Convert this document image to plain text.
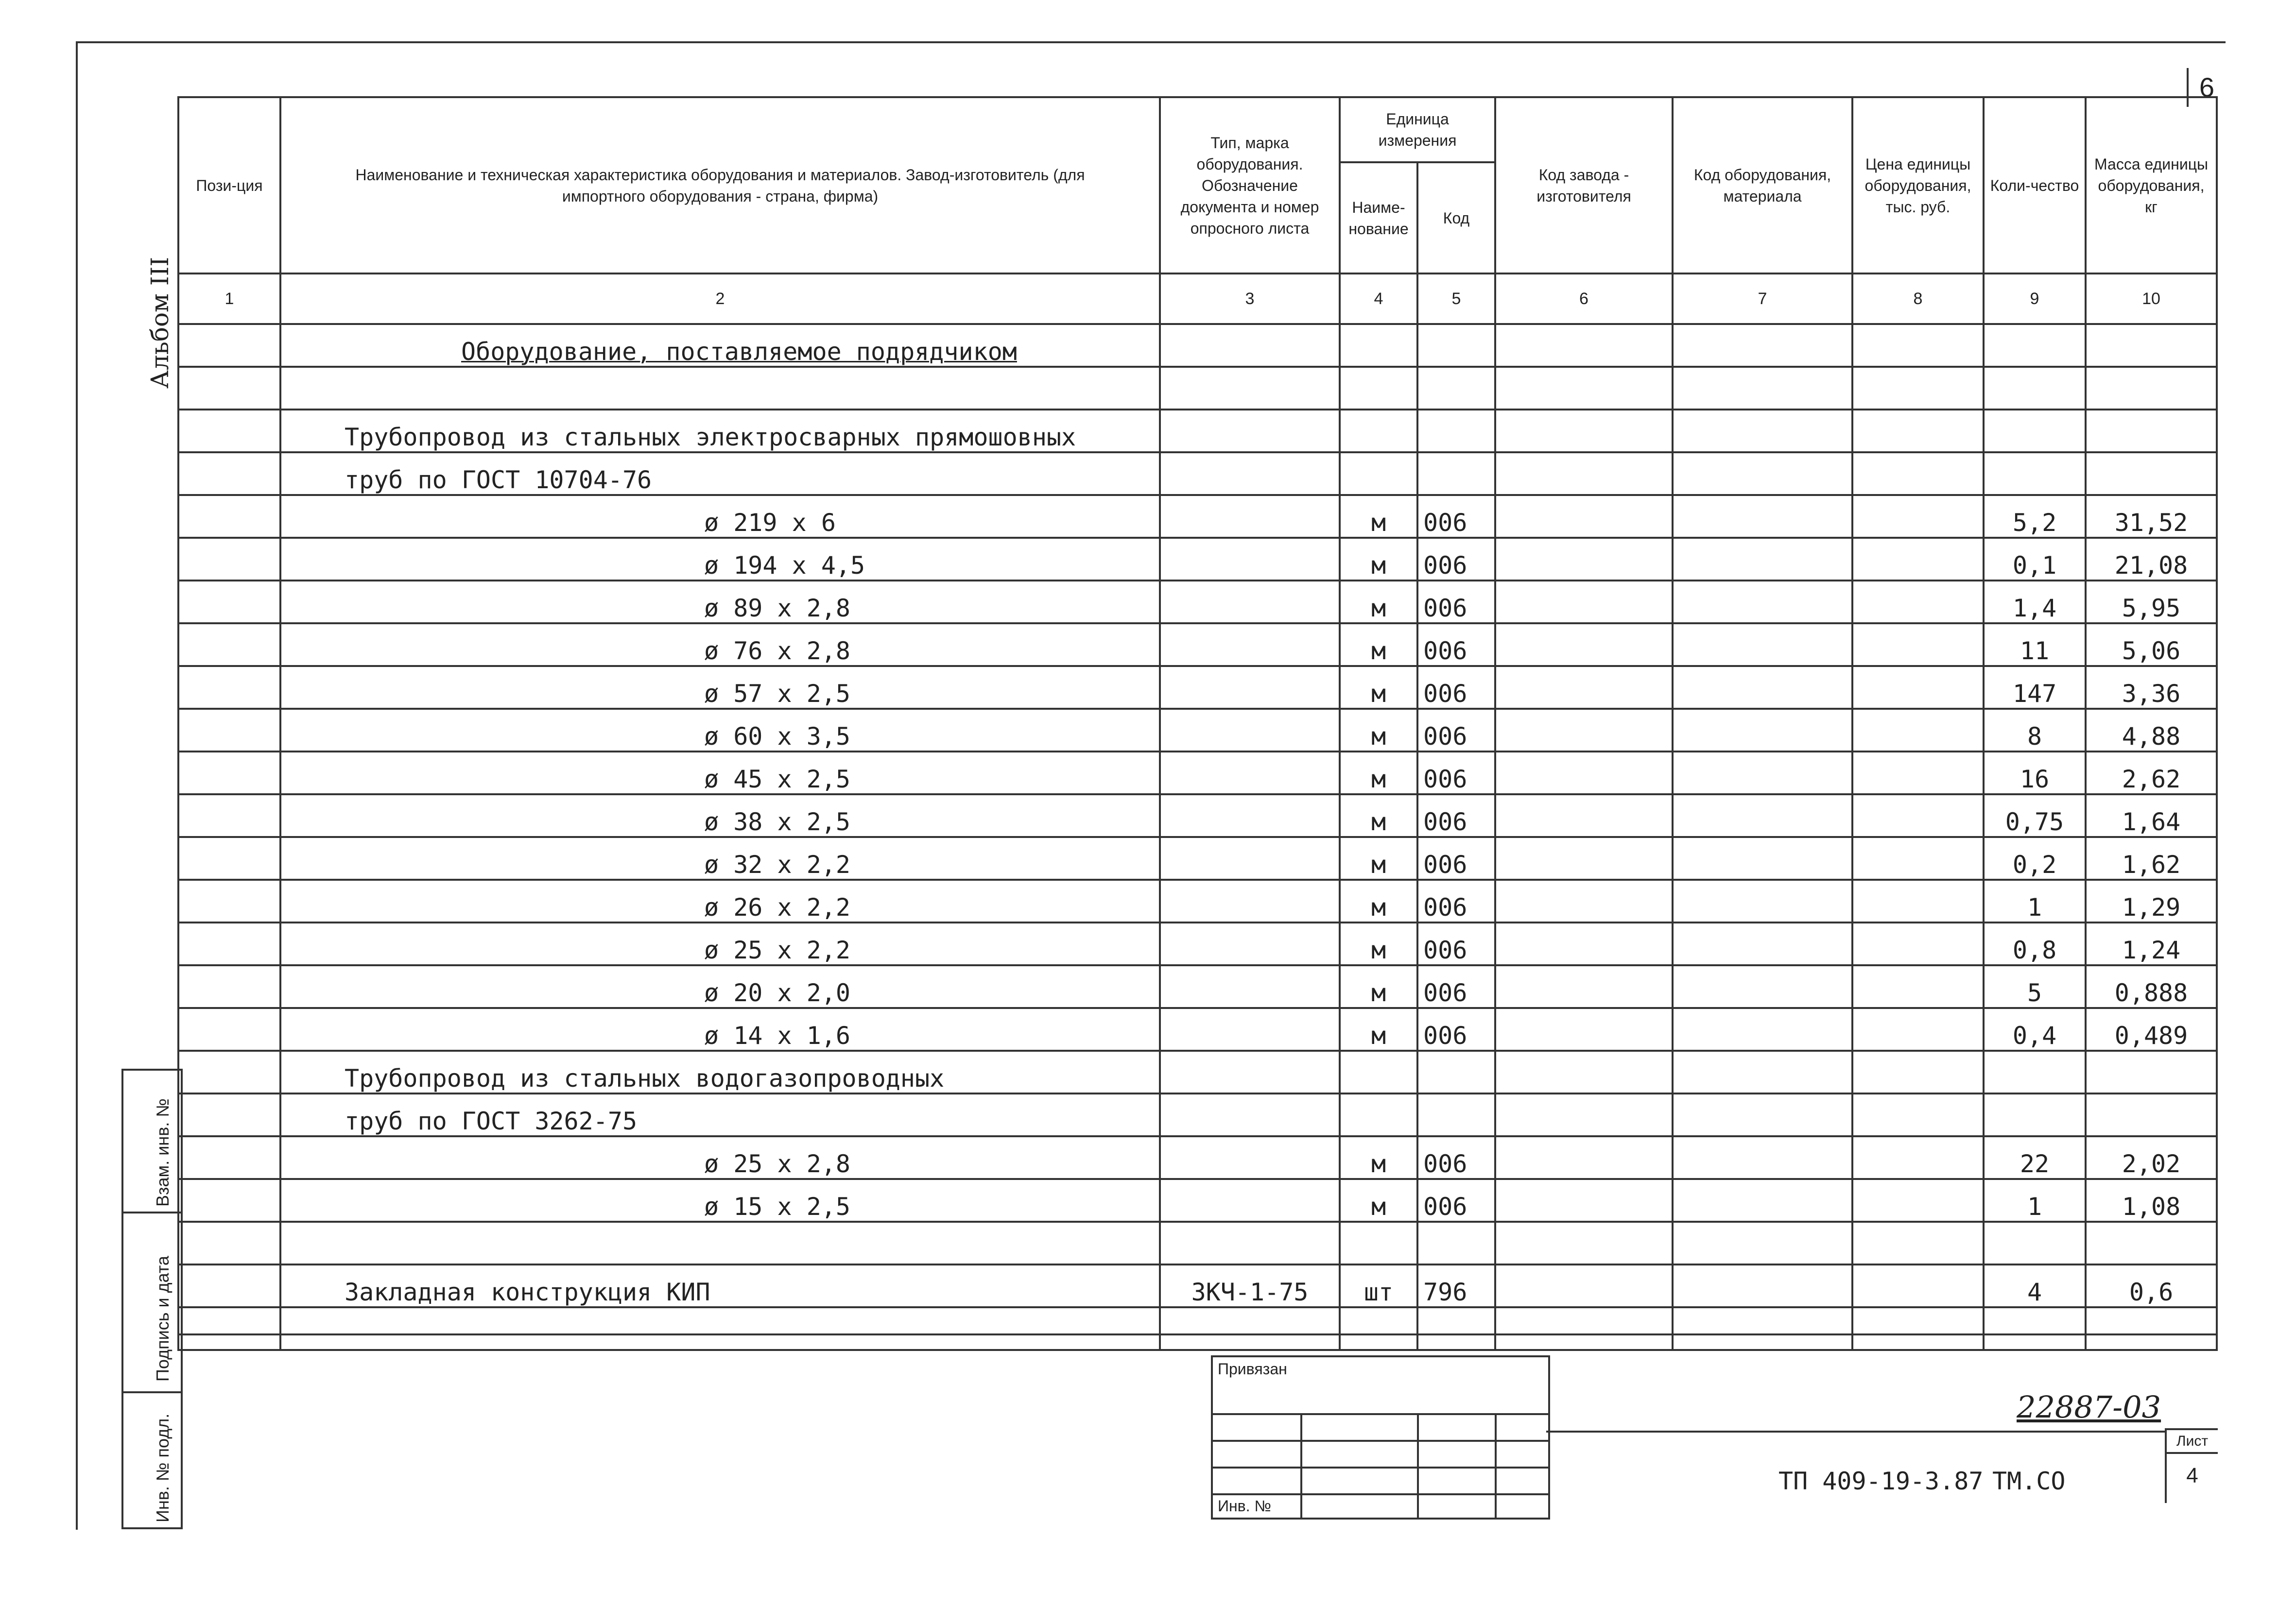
6
Альбом III
Пози-ция	Наименование и техническая характеристика оборудования и материалов. Завод-изготовитель (для импортного оборудования - страна, фирма)	Тип, марка оборудования. Обозначение документа и номер опросного листа	Единица измерения		Код завода - изготовителя	Код оборудования, материала	Цена единицы оборудования, тыс. руб.	Коли-чество	Масса единицы оборудования, кг
			Наиме-нование	Код					
1	2	3	4	5	6	7	8	9	10
	Оборудование, поставляемое подрядчиком								

	Трубопровод из стальных электросварных прямошовных								
	труб по ГОСТ 10704-76								
	ø 219 х 6		м	006				5,2	31,52
	ø 194 х 4,5		м	006				0,1	21,08
	ø 89 х 2,8		м	006				1,4	5,95
	ø 76 х 2,8		м	006				11	5,06
	ø 57 х 2,5		м	006				147	3,36
	ø 60 х 3,5		м	006				8	4,88
	ø 45 х 2,5		м	006				16	2,62
	ø 38 х 2,5		м	006				0,75	1,64
	ø 32 х 2,2		м	006				0,2	1,62
	ø 26 х 2,2		м	006				1	1,29
	ø 25 х 2,2		м	006				0,8	1,24
	ø 20 х 2,0		м	006				5	0,888
	ø 14 х 1,6		м	006				0,4	0,489
	Трубопровод из стальных водогазопроводных								
	труб по ГОСТ 3262-75								
	ø 25 х 2,8		м	006				22	2,02
	ø 15 х 2,5		м	006				1	1,08

	Закладная конструкция КИП	ЗКЧ-1-75	шт	796				4	0,6

Взам. инв. №
Подпись и дата
Инв. № подл.
Привязан
Инв. №
22887-03
ТП 409-19-3.87 ТМ.СО
Лист
4
